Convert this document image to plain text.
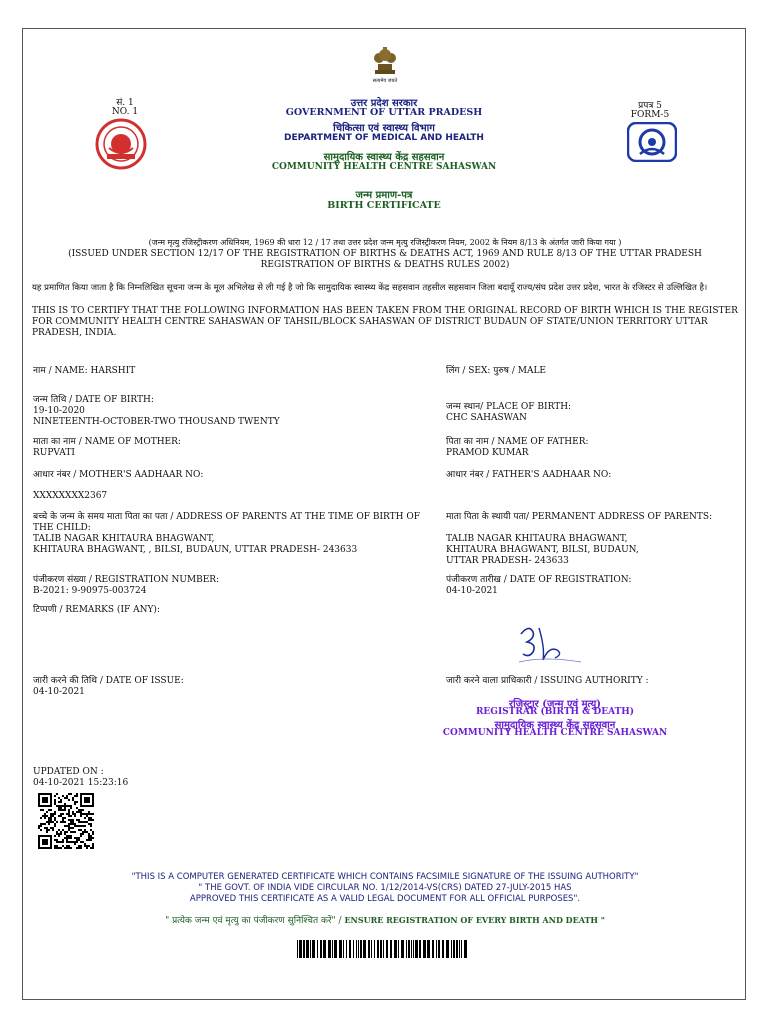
सत्यमेव जयते
सं. 1
NO. 1
प्रपत्र 5
FORM-5
उत्तर प्रदेश सरकार
GOVERNMENT OF UTTAR PRADESH
चिकित्सा एवं स्वास्थ्य विभाग
DEPARTMENT OF MEDICAL AND HEALTH
सामुदायिक स्वास्थ्य केंद्र सहसवान
COMMUNITY HEALTH CENTRE SAHASWAN
जन्म प्रमाण-पत्र
BIRTH CERTIFICATE
(जन्म मृत्यु रजिस्ट्रीकरण अधिनियम, 1969 की धारा 12 / 17 तथा उत्तर प्रदेश जन्म मृत्यु रजिस्ट्रीकरण नियम, 2002 के नियम 8/13 के अंतर्गत जारी किया गया )
(ISSUED UNDER SECTION 12/17 OF THE REGISTRATION OF BIRTHS & DEATHS ACT, 1969 AND RULE 8/13 OF THE UTTAR PRADESH REGISTRATION OF BIRTHS & DEATHS RULES 2002)
यह प्रमाणित किया जाता है कि निम्नलिखित सूचना जन्म के मूल अभिलेख से ली गई है जो कि सामुदायिक स्वास्थ्य केंद्र सहसवान तहसील सहसवान जिला बदायूँ राज्य/संघ प्रदेश उत्तर प्रदेश, भारत के रजिस्टर से उल्लिखित है।
THIS IS TO CERTIFY THAT THE FOLLOWING INFORMATION HAS BEEN TAKEN FROM THE ORIGINAL RECORD OF BIRTH WHICH IS THE REGISTER FOR COMMUNITY HEALTH CENTRE SAHASWAN OF TAHSIL/BLOCK SAHASWAN OF DISTRICT BUDAUN OF STATE/UNION TERRITORY UTTAR PRADESH, INDIA.
नाम / NAME: HARSHIT
जन्म तिथि / DATE OF BIRTH:
19-10-2020
NINETEENTH-OCTOBER-TWO THOUSAND TWENTY
माता का नाम / NAME OF MOTHER:
RUPVATI
आधार नंबर / MOTHER'S AADHAAR NO:
XXXXXXXX2367
बच्चे के जन्म के समय माता पिता का पता / ADDRESS OF PARENTS AT THE TIME OF BIRTH OF THE CHILD:
TALIB NAGAR KHITAURA BHAGWANT,
KHITAURA BHAGWANT, , BILSI, BUDAUN, UTTAR PRADESH- 243633
पंजीकरण संख्या / REGISTRATION NUMBER:
B-2021: 9-90975-003724
टिप्पणी / REMARKS (IF ANY):
जारी करने की तिथि / DATE OF ISSUE:
04-10-2021
लिंग / SEX: पुरुष / MALE
जन्म स्थान/ PLACE OF BIRTH:
CHC SAHASWAN
पिता का नाम / NAME OF FATHER:
PRAMOD KUMAR
आधार नंबर / FATHER'S AADHAAR NO:
माता पिता के स्थायी पता/ PERMANENT ADDRESS OF PARENTS:
TALIB NAGAR KHITAURA BHAGWANT,
KHITAURA BHAGWANT, BILSI, BUDAUN,
UTTAR PRADESH- 243633
पंजीकरण तारीख / DATE OF REGISTRATION:
04-10-2021
जारी करने वाला प्राधिकारी / ISSUING AUTHORITY :
रजिस्ट्रार (जन्म एवं मृत्यु)
REGISTRAR (BIRTH & DEATH)
सामुदायिक स्वास्थ्य केंद्र सहसवान
COMMUNITY HEALTH CENTRE SAHASWAN
UPDATED ON :
04-10-2021 15:23:16
"THIS IS A COMPUTER GENERATED CERTIFICATE WHICH CONTAINS FACSIMILE SIGNATURE OF THE ISSUING AUTHORITY"
" THE GOVT. OF INDIA VIDE CIRCULAR NO. 1/12/2014-VS(CRS) DATED 27-JULY-2015 HAS
APPROVED THIS CERTIFICATE AS A VALID LEGAL DOCUMENT FOR ALL OFFICIAL PURPOSES".
" प्रत्येक जन्म एवं मृत्यु का पंजीकरण सुनिश्चित करें" / ENSURE REGISTRATION OF EVERY BIRTH AND DEATH "
